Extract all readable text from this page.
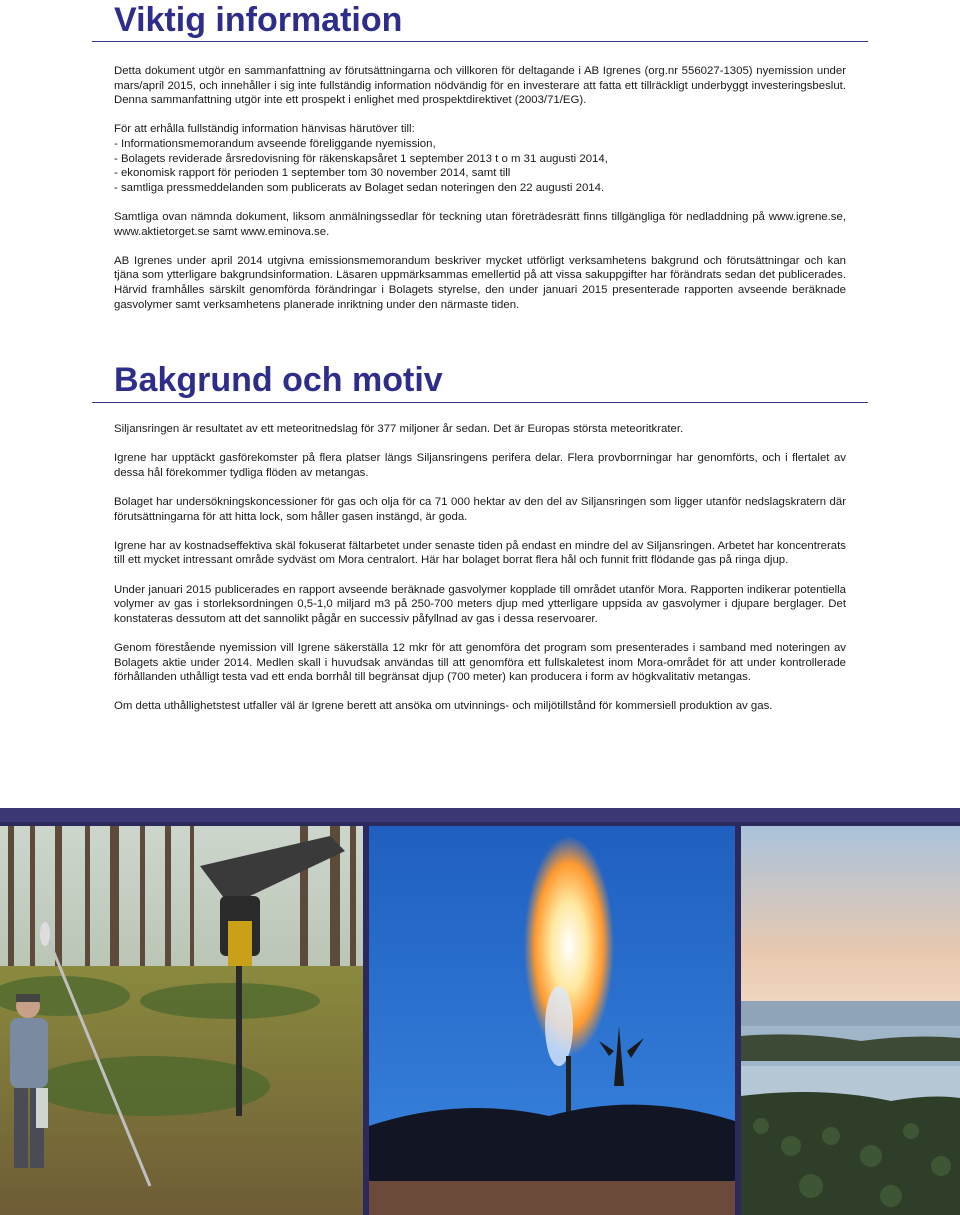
Viktig information

Detta dokument utgör en sammanfattning av förutsättningarna och villkoren för deltagande i AB Igrenes (org.nr 556027-1305) nyemission under mars/april 2015, och innehåller i sig inte fullständig information nödvändig för en investerare att fatta ett tillräckligt underbyggt investeringsbeslut. Denna sammanfattning utgör inte ett prospekt i enlighet med prospektdirektivet (2003/71/EG).

För att erhålla fullständig information hänvisas härutöver till:

- Informationsmemorandum avseende föreliggande nyemission,
- Bolagets reviderade årsredovisning för räkenskapsåret 1 september 2013 t o m 31 augusti 2014,
- ekonomisk rapport för perioden 1 september tom 30 november 2014, samt till
- samtliga pressmeddelanden som publicerats av Bolaget sedan noteringen den 22 augusti 2014.

Samtliga ovan nämnda dokument, liksom anmälningssedlar för teckning utan företrädesrätt finns tillgängliga för nedladdning på www.igrene.se, www.aktietorget.se samt www.eminova.se.

AB Igrenes under april 2014 utgivna emissionsmemorandum beskriver mycket utförligt verksamhetens bakgrund och förutsättningar och kan tjäna som ytterligare bakgrundsinformation. Läsaren uppmärksammas emellertid på att vissa sakuppgifter har förändrats sedan det publicerades. Härvid framhålles särskilt genomförda förändringar i Bolagets styrelse, den under januari 2015 presenterade rapporten avseende beräknade gasvolymer samt verksamhetens planerade inriktning under den närmaste tiden.

Bakgrund och motiv

Siljansringen är resultatet av ett meteoritnedslag för 377 miljoner år sedan. Det är Europas största meteoritkrater.

Igrene har upptäckt gasförekomster på flera platser längs Siljansringens perifera delar. Flera provborrningar har genomförts, och i flertalet av dessa hål förekommer tydliga flöden av metangas.

Bolaget har undersökningskoncessioner för gas och olja för ca 71 000 hektar av den del av Siljansringen som ligger utanför nedslagskratern där förutsättningarna för att hitta lock, som håller gasen instängd, är goda.

Igrene har av kostnadseffektiva skäl fokuserat fältarbetet under senaste tiden på endast en mindre del av Siljansringen. Arbetet har koncentrerats till ett mycket intressant område sydväst om Mora centralort. Här har bolaget borrat flera hål och funnit fritt flödande gas på ringa djup.

Under januari 2015 publicerades en rapport avseende beräknade gasvolymer kopplade till området utanför Mora. Rapporten indikerar potentiella volymer av gas i storleksordningen 0,5-1,0 miljard m3 på 250-700 meters djup med ytterligare uppsida av gasvolymer i djupare berglager. Det konstateras dessutom att det sannolikt pågår en successiv påfyllnad av gas i dessa reservoarer.

Genom förestående nyemission vill Igrene säkerställa 12 mkr för att genomföra det program som presenterades i samband med noteringen av Bolagets aktie under 2014. Medlen skall i huvudsak användas till att genomföra ett fullskaletest inom Mora-området för att under kontrollerade förhållanden uthålligt testa vad ett enda borrhål till begränsat djup (700 meter) kan producera i form av högkvalitativ metangas.

Om detta uthållighetstest utfaller väl är Igrene berett att ansöka om utvinnings- och miljötillstånd för kommersiell produktion av gas.
